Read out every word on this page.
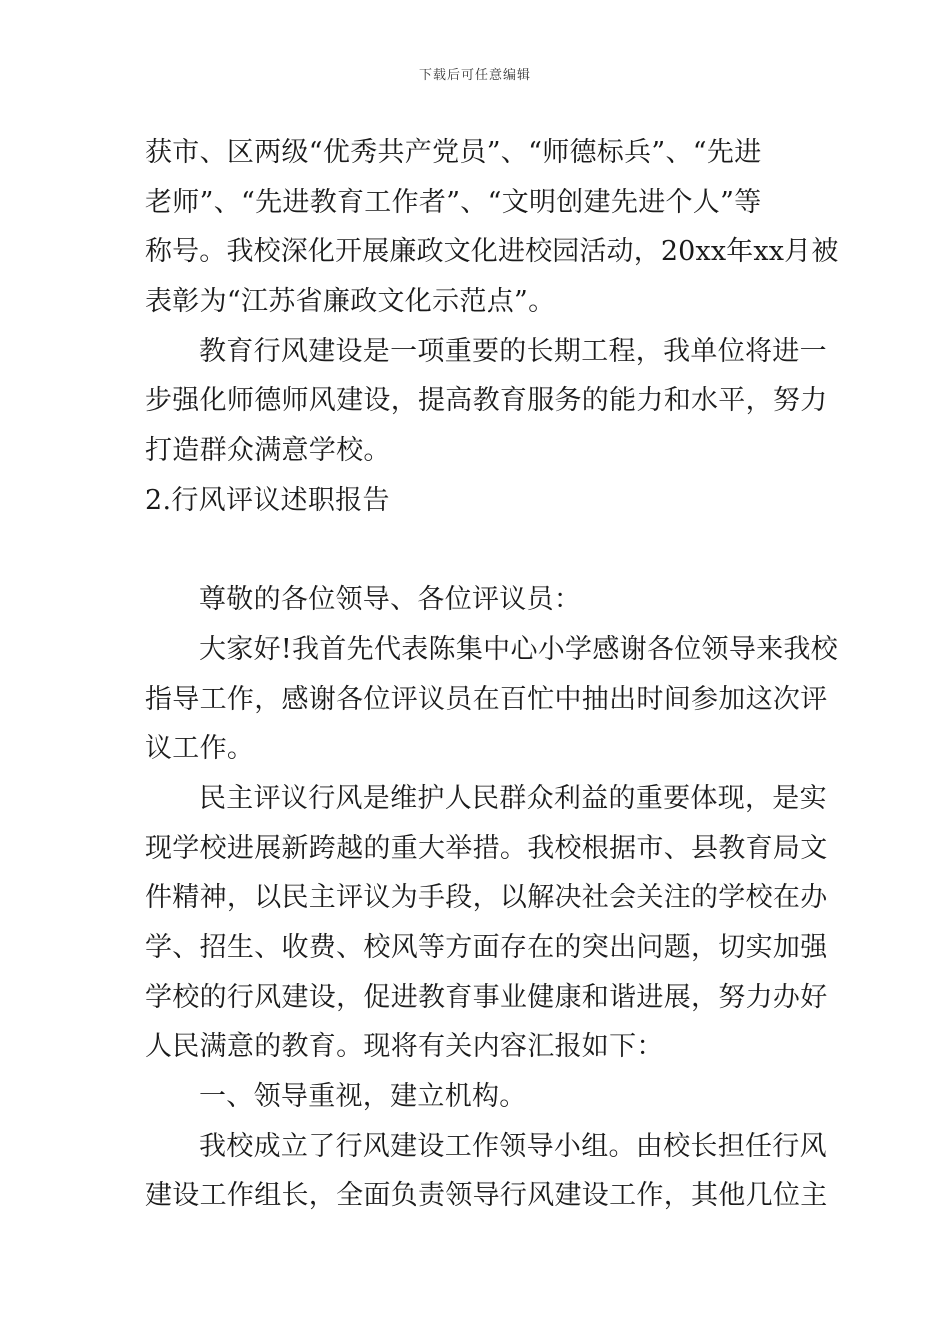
下载后可任意编辑
获市、区两级“优秀共产党员”、“师德标兵”、“先进
老师”、“先进教育工作者”、“文明创建先进个人”等
称号。我校深化开展廉政文化进校园活动，20xx年xx月被
表彰为“江苏省廉政文化示范点”。
教育行风建设是一项重要的长期工程，我单位将进一
步强化师德师风建设，提高教育服务的能力和水平，努力
打造群众满意学校。
2.行风评议述职报告
尊敬的各位领导、各位评议员：
大家好!我首先代表陈集中心小学感谢各位领导来我校
指导工作，感谢各位评议员在百忙中抽出时间参加这次评
议工作。
民主评议行风是维护人民群众利益的重要体现，是实
现学校进展新跨越的重大举措。我校根据市、县教育局文
件精神，以民主评议为手段，以解决社会关注的学校在办
学、招生、收费、校风等方面存在的突出问题，切实加强
学校的行风建设，促进教育事业健康和谐进展，努力办好
人民满意的教育。现将有关内容汇报如下：
一、领导重视，建立机构。
我校成立了行风建设工作领导小组。由校长担任行风
建设工作组长，全面负责领导行风建设工作，其他几位主
